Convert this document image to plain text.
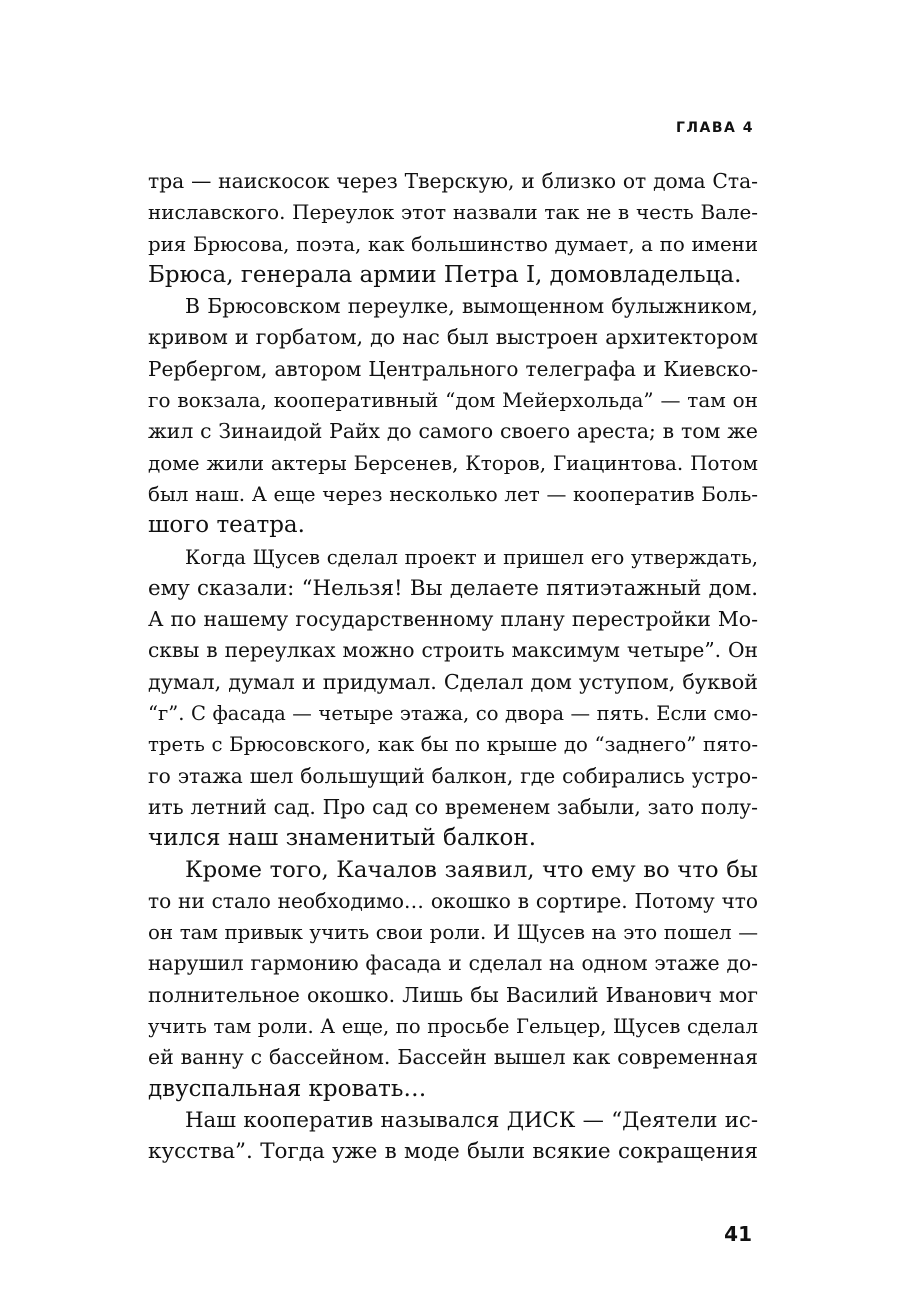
ГЛАВА 4
тра — наискосок через Тверскую, и близко от дома Ста-
ниславского. Переулок этот назвали так не в честь Вале-
рия Брюсова, поэта, как большинство думает, а по имени
Брюса, генерала армии Петра I, домовладельца.
В Брюсовском переулке, вымощенном булыжником,
кривом и горбатом, до нас был выстроен архитектором
Рербергом, автором Центрального телеграфа и Киевско-
го вокзала, кооперативный “дом Мейерхольда” — там он
жил с Зинаидой Райх до самого своего ареста; в том же
доме жили актеры Берсенев, Кторов, Гиацинтова. Потом
был наш. А еще через несколько лет — кооператив Боль-
шого театра.
Когда Щусев сделал проект и пришел его утверждать,
ему сказали: “Нельзя! Вы делаете пятиэтажный дом.
А по нашему государственному плану перестройки Мо-
сквы в переулках можно строить максимум четыре”. Он
думал, думал и придумал. Сделал дом уступом, буквой
“г”. С фасада — четыре этажа, со двора — пять. Если смо-
треть с Брюсовского, как бы по крыше до “заднего” пято-
го этажа шел большущий балкон, где собирались устро-
ить летний сад. Про сад со временем забыли, зато полу-
чился наш знаменитый балкон.
Кроме того, Качалов заявил, что ему во что бы
то ни стало необходимо… окошко в сортире. Потому что
он там привык учить свои роли. И Щусев на это пошел —
нарушил гармонию фасада и сделал на одном этаже до-
полнительное окошко. Лишь бы Василий Иванович мог
учить там роли. А еще, по просьбе Гельцер, Щусев сделал
ей ванну с бассейном. Бассейн вышел как современная
двуспальная кровать…
Наш кооператив назывался ДИСК — “Деятели ис-
кусства”. Тогда уже в моде были всякие сокращения
41
